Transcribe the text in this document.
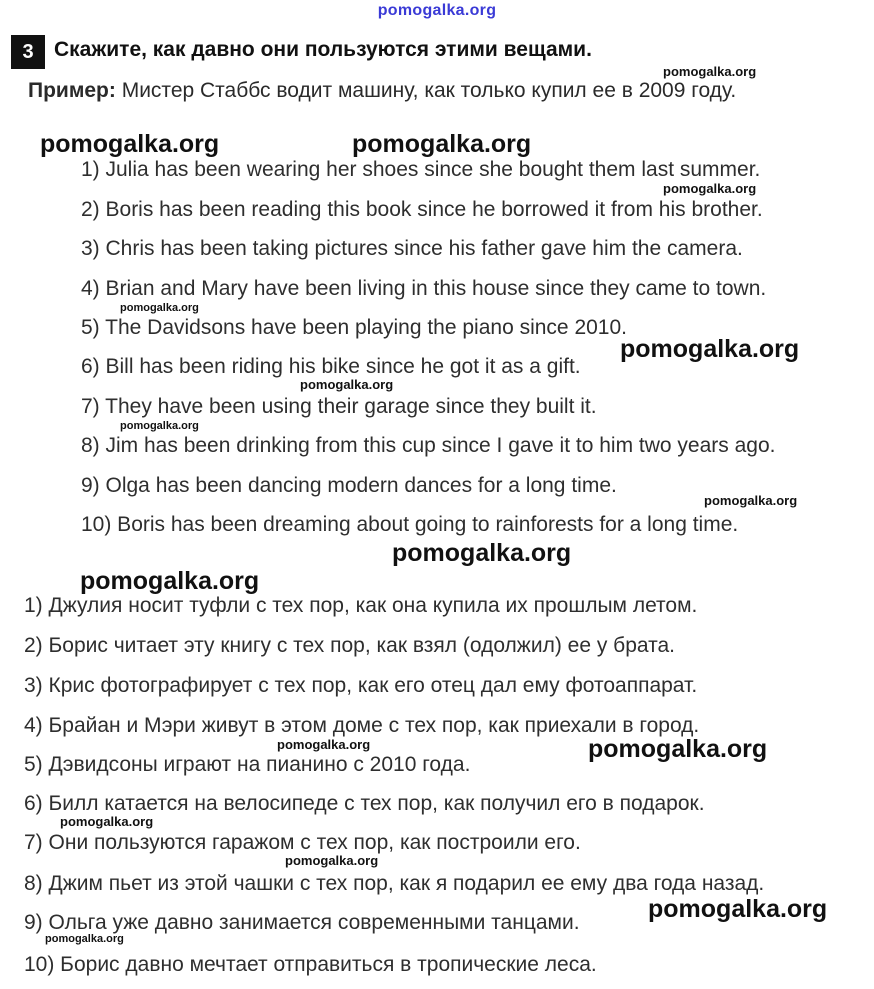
pomogalka.org
3 Скажите, как давно они пользуются этими вещами.
Пример: Мистер Стаббс водит машину, как только купил ее в 2009 году.
1) Julia has been wearing her shoes since she bought them last summer.
2) Boris has been reading this book since he borrowed it from his brother.
3) Chris has been taking pictures since his father gave him the camera.
4) Brian and Mary have been living in this house since they came to town.
5) The Davidsons have been playing the piano since 2010.
6) Bill has been riding his bike since he got it as a gift.
7) They have been using their garage since they built it.
8) Jim has been drinking from this cup since I gave it to him two years ago.
9) Olga has been dancing modern dances for a long time.
10) Boris has been dreaming about going to rainforests for a long time.
1) Джулия носит туфли с тех пор, как она купила их прошлым летом.
2) Борис читает эту книгу с тех пор, как взял (одолжил) ее у брата.
3) Крис фотографирует с тех пор, как его отец дал ему фотоаппарат.
4) Брайан и Мэри живут в этом доме с тех пор, как приехали в город.
5) Дэвидсоны играют на пианино с 2010 года.
6) Билл катается на велосипеде с тех пор, как получил его в подарок.
7) Они пользуются гаражом с тех пор, как построили его.
8) Джим пьет из этой чашки с тех пор, как я подарил ее ему два года назад.
9) Ольга уже давно занимается современными танцами.
10) Борис давно мечтает отправиться в тропические леса.
pomogalka.org
pomogalka.org	pomogalka.org
pomogalka.org
pomogalka.org
pomogalka.org
pomogalka.org
pomogalka.org
pomogalka.org
pomogalka.org
pomogalka.org
pomogalka.org	pomogalka.org
pomogalka.org
pomogalka.org
pomogalka.org
pomogalka.org
